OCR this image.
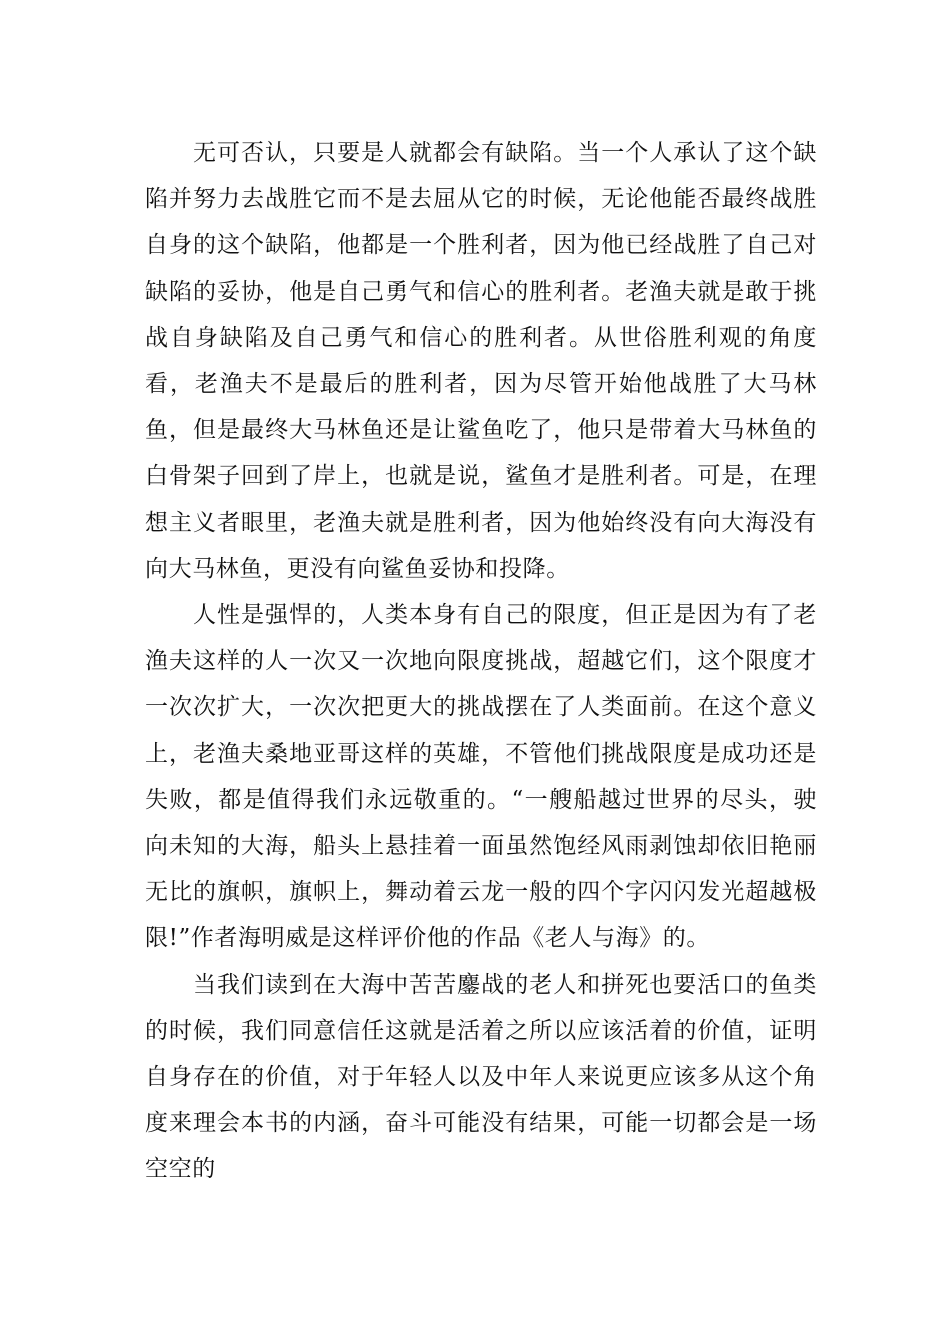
无可否认，只要是人就都会有缺陷。当一个人承认了这个缺陷并努力去战胜它而不是去屈从它的时候，无论他能否最终战胜自身的这个缺陷，他都是一个胜利者，因为他已经战胜了自己对缺陷的妥协，他是自己勇气和信心的胜利者。老渔夫就是敢于挑战自身缺陷及自己勇气和信心的胜利者。从世俗胜利观的角度看，老渔夫不是最后的胜利者，因为尽管开始他战胜了大马林鱼，但是最终大马林鱼还是让鲨鱼吃了，他只是带着大马林鱼的白骨架子回到了岸上，也就是说，鲨鱼才是胜利者。可是，在理想主义者眼里，老渔夫就是胜利者，因为他始终没有向大海没有向大马林鱼，更没有向鲨鱼妥协和投降。

人性是强悍的，人类本身有自己的限度，但正是因为有了老渔夫这样的人一次又一次地向限度挑战，超越它们，这个限度才一次次扩大，一次次把更大的挑战摆在了人类面前。在这个意义上，老渔夫桑地亚哥这样的英雄，不管他们挑战限度是成功还是失败，都是值得我们永远敬重的。“一艘船越过世界的尽头，驶向未知的大海，船头上悬挂着一面虽然饱经风雨剥蚀却依旧艳丽无比的旗帜，旗帜上，舞动着云龙一般的四个字闪闪发光超越极限!”作者海明威是这样评价他的作品《老人与海》的。

当我们读到在大海中苦苦鏖战的老人和拼死也要活口的鱼类的时候，我们同意信任这就是活着之所以应该活着的价值，证明自身存在的价值，对于年轻人以及中年人来说更应该多从这个角度来理会本书的内涵，奋斗可能没有结果，可能一切都会是一场空空的
